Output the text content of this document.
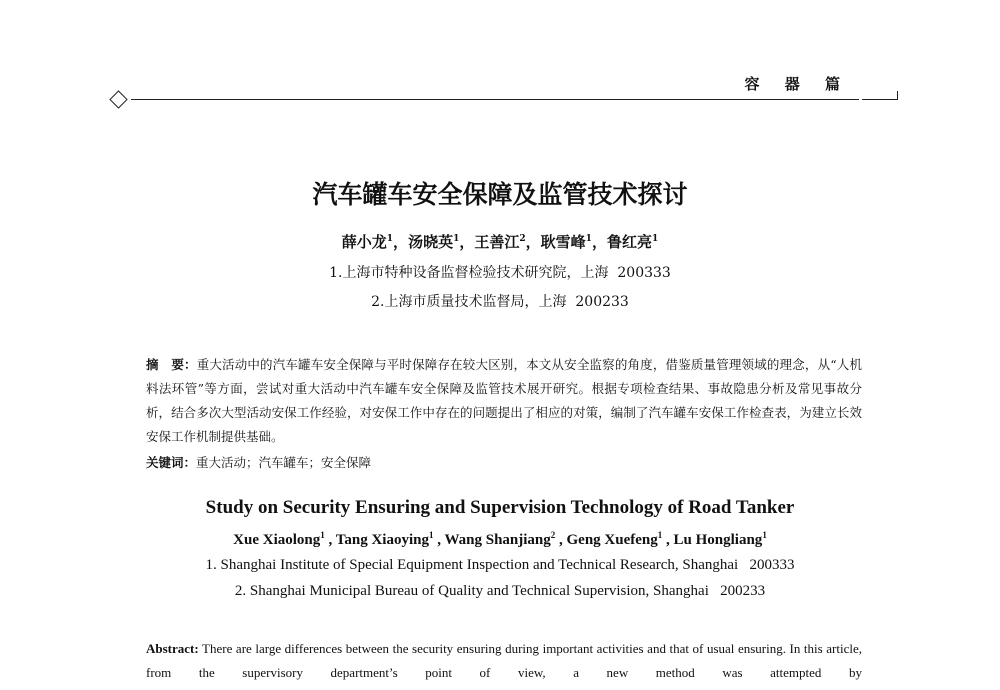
容 器 篇
汽车罐车安全保障及监管技术探讨
薛小龙$^1$，汤晓英$^1$，王善江$^2$，耿雪峰$^1$，鲁红亮$^1$
1.上海市特种设备监督检验技术研究院，上海  200333
2.上海市质量技术监督局，上海  200233
摘　要：重大活动中的汽车罐车安全保障与平时保障存在较大区别，本文从安全监察的角度，借鉴质量管理领域的理念，从“人机料法环管”等方面，尝试对重大活动中汽车罐车安全保障及监管技术展开研究。根据专项检查结果、事故隐患分析及常见事故分析，结合多次大型活动安保工作经验，对安保工作中存在的问题提出了相应的对策，编制了汽车罐车安保工作检查表，为建立长效安保工作机制提供基础。
关键词：重大活动；汽车罐车；安全保障
Study on Security Ensuring and Supervision Technology of Road Tanker
Xue Xiaolong$^1$ , Tang Xiaoying$^1$ , Wang Shanjiang$^2$ , Geng Xuefeng$^1$ , Lu Hongliang$^1$
1. Shanghai Institute of Special Equipment Inspection and Technical Research, Shanghai   200333
2. Shanghai Municipal Bureau of Quality and Technical Supervision, Shanghai   200233
Abstract: There are large differences between the security ensuring during important activities and that of usual ensuring. In this article, from the supervisory department’s point of view, a new method was attempted by
